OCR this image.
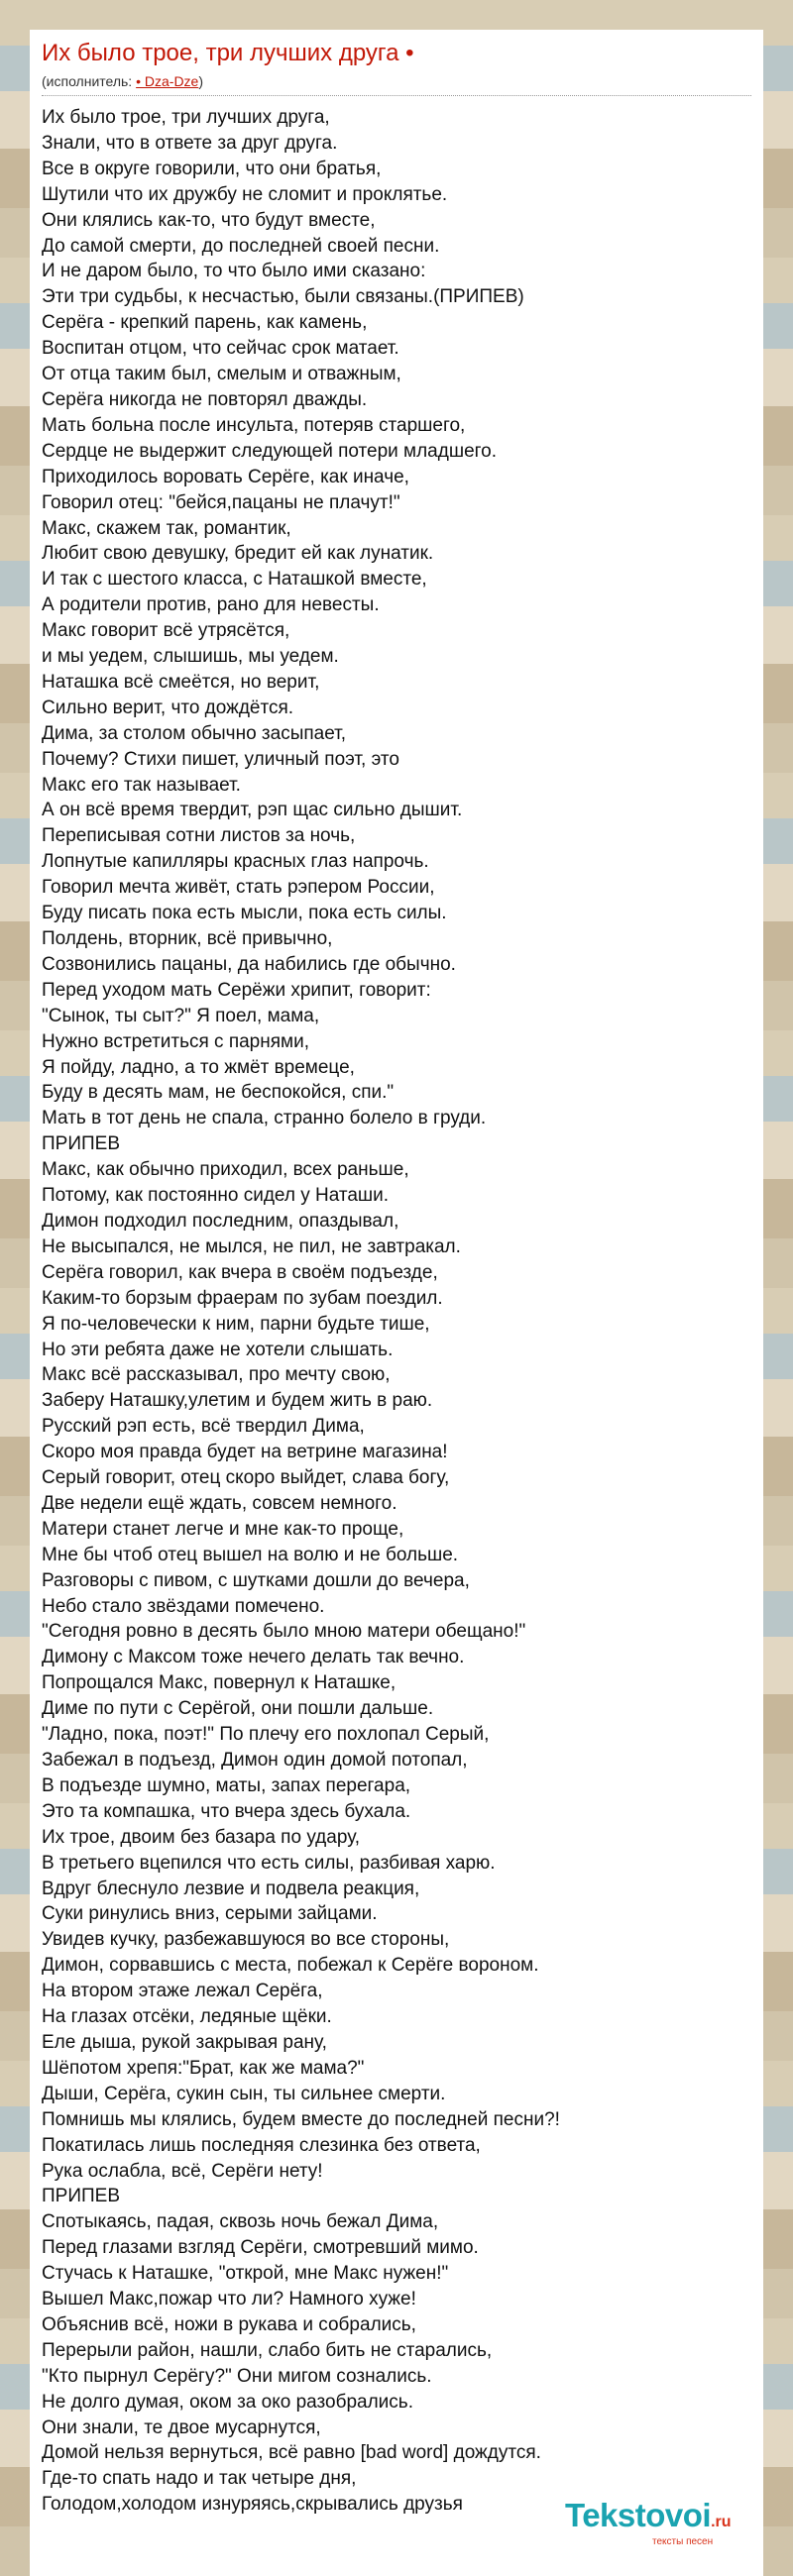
Их было трое, три лучших друга •
(исполнитель: • Dza-Dze)
Их было трое, три лучших друга,
Знали, что в ответе за друг друга.
Все в округе говорили, что они братья,
Шутили что их дружбу не сломит и проклятье.
Они клялись как-то, что будут вместе,
До самой смерти, до последней своей песни.
И не даром было, то что было ими сказано:
Эти три судьбы, к несчастью, были связаны.(ПРИПЕВ)
Серёга - крепкий парень, как камень,
Воспитан отцом, что сейчас срок матает.
От отца таким был, смелым и отважным,
Серёга никогда не повторял дважды.
Мать больна после инсульта, потеряв старшего,
Сердце не выдержит следующей потери младшего.
Приходилось воровать Серёге, как иначе,
Говорил отец: "бейся,пацаны не плачут!"
Макс, скажем так, романтик,
Любит свою девушку, бредит ей как лунатик.
И так с шестого класса, с Наташкой вместе,
А родители против, рано для невесты.
Макс говорит всё утрясётся,
и мы уедем, слышишь, мы уедем.
Наташка всё смеётся, но верит,
Сильно верит, что дождётся.
Дима, за столом обычно засыпает,
Почему? Стихи пишет, уличный поэт, это
Макс его так называет.
А он всё время твердит, рэп щас сильно дышит.
Переписывая сотни листов за ночь,
Лопнутые капилляры красных глаз напрочь.
Говорил мечта живёт, стать рэпером России,
Буду писать пока есть мысли, пока есть силы.
Полдень, вторник, всё привычно,
Созвонились пацаны, да набились где обычно.
Перед уходом мать Серёжи хрипит, говорит:
"Сынок, ты сыт?" Я поел, мама,
Нужно встретиться с парнями,
Я пойду, ладно, а то жмёт времеце,
Буду в десять мам, не беспокойся, спи."
Мать в тот день не спала, странно болело в груди.
ПРИПЕВ
Макс, как обычно приходил, всех раньше,
Потому, как постоянно сидел у Наташи.
Димон подходил последним, опаздывал,
Не высыпался, не мылся, не пил, не завтракал.
Серёга говорил, как вчера в своём подъезде,
Каким-то борзым фраерам по зубам поездил.
Я по-человечески к ним, парни будьте тише,
Но эти ребята даже не хотели слышать.
Макс всё рассказывал, про мечту свою,
Заберу Наташку,улетим и будем жить в раю.
Русский рэп есть, всё твердил Дима,
Скоро моя правда будет на ветрине магазина!
Серый говорит, отец скоро выйдет, слава богу,
Две недели ещё ждать, совсем немного.
Матери станет легче и мне как-то проще,
Мне бы чтоб отец вышел на волю и не больше.
Разговоры с пивом, с шутками дошли до вечера,
Небо стало звёздами помечено.
"Сегодня ровно в десять было мною матери обещано!"
Димону с Максом тоже нечего делать так вечно.
Попрощался Макс, повернул к Наташке,
Диме по пути с Серёгой, они пошли дальше.
"Ладно, пока, поэт!" По плечу его похлопал Серый,
Забежал в подъезд, Димон один домой потопал,
В подъезде шумно, маты, запах перегара,
Это та компашка, что вчера здесь бухала.
Их трое, двоим без базара по удару,
В третьего вцепился что есть силы, разбивая харю.
Вдруг блеснуло лезвие и подвела реакция,
Суки ринулись вниз, серыми зайцами.
Увидев кучку, разбежавшуюся во все стороны,
Димон, сорвавшись с места, побежал к Серёге вороном.
На втором этаже лежал Серёга,
На глазах отсёки, ледяные щёки.
Еле дыша, рукой закрывая рану,
Шёпотом хрепя:"Брат, как же мама?"
Дыши, Серёга, сукин сын, ты сильнее смерти.
Помнишь мы клялись, будем вместе до последней песни?!
Покатилась лишь последняя слезинка без ответа,
Рука ослабла, всё, Серёги нету!
ПРИПЕВ
Спотыкаясь, падая, сквозь ночь бежал Дима,
Перед глазами взгляд Серёги, смотревший мимо.
Стучась к Наташке, "открой, мне Макс нужен!"
Вышел Макс,пожар что ли? Намного хуже!
Объяснив всё, ножи в рукава и собрались,
Перерыли район, нашли, слабо бить не старались,
"Кто пырнул Серёгу?" Они мигом сознались.
Не долго думая, оком за око разобрались.
Они знали, те двое мусарнутся,
Домой нельзя вернуться, всё равно [bad word] дождутся.
Где-то спать надо и так четыре дня,
Голодом,холодом изнуряясь,скрывались друзья	Tekstovoi.ru
тексты песен
